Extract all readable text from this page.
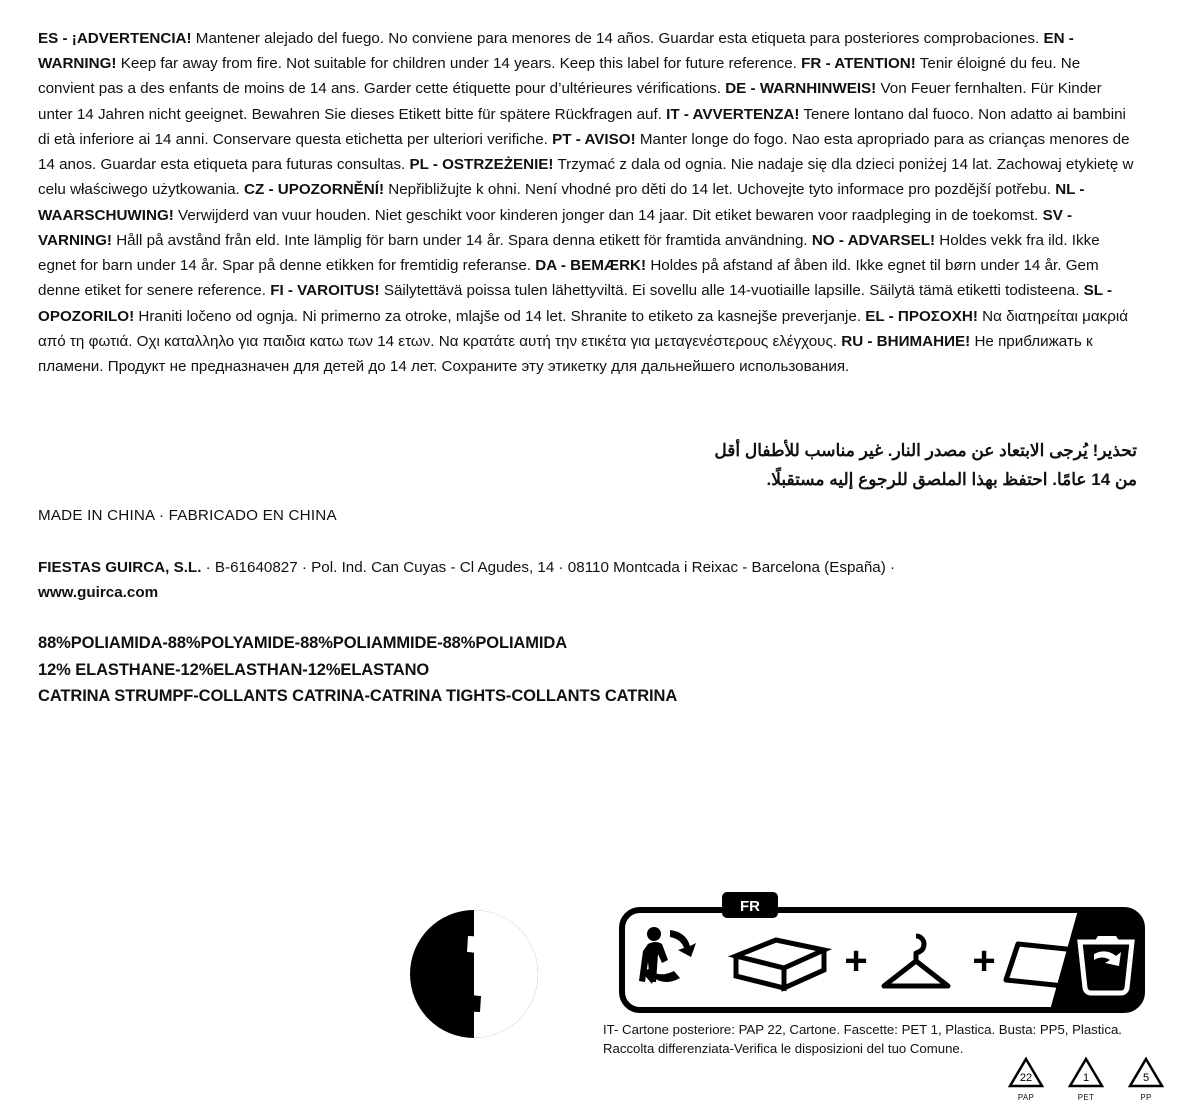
ES - ¡ADVERTENCIA! Mantener alejado del fuego. No conviene para menores de 14 años. Guardar esta etiqueta para posteriores comprobaciones. EN - WARNING! Keep far away from fire. Not suitable for children under 14 years. Keep this label for future reference. FR - ATENTION! Tenir éloigné du feu. Ne convient pas a des enfants de moins de 14 ans. Garder cette étiquette pour d’ultérieures vérifications. DE - WARNHINWEIS! Von Feuer fernhalten. Für Kinder unter 14 Jahren nicht geeignet. Bewahren Sie dieses Etikett bitte für spätere Rückfragen auf. IT - AVVERTENZA! Tenere lontano dal fuoco. Non adatto ai bambini di età inferiore ai 14 anni. Conservare questa etichetta per ulteriori verifiche. PT - AVISO! Manter longe do fogo. Nao esta apropriado para as crianças menores de 14 anos. Guardar esta etiqueta para futuras consultas. PL - OSTRZEŻENIE! Trzymać z dala od ognia. Nie nadaje się dla dzieci poniżej 14 lat. Zachowaj etykietę w celu właściwego użytkowania. CZ - UPOZORNĚNÍ! Nepřibližujte k ohni. Není vhodné pro děti do 14 let. Uchovejte tyto informace pro pozdější potřebu. NL - WAARSCHUWING! Verwijderd van vuur houden. Niet geschikt voor kinderen jonger dan 14 jaar. Dit etiket bewaren voor raadpleging in de toekomst. SV - VARNING! Håll på avstånd från eld. Inte lämplig för barn under 14 år. Spara denna etikett för framtida användning. NO - ADVARSEL! Holdes vekk fra ild. Ikke egnet for barn under 14 år. Spar på denne etikken for fremtidig referanse. DA - BEMÆRK! Holdes på afstand af åben ild. Ikke egnet til børn under 14 år. Gem denne etiket for senere reference. FI - VAROITUS! Säilytettävä poissa tulen lähettyviltä. Ei sovellu alle 14-vuotiaille lapsille. Säilytä tämä etiketti todisteena. SL - OPOZORILO! Hraniti ločeno od ognja. Ni primerno za otroke, mlajše od 14 let. Shranite to etiketo za kasnejše preverjanje. EL - ΠΡΟΣΟΧΗ! Να διατηρείται μακριά από τη φωτιά. Οχι καταλληλο για παιδια κατω των 14 ετων. Να κρατάτε αυτή την ετικέτα για μεταγενέστερους ελέγχους. RU - ВНИМАНИЕ! Не приближать к пламени. Продукт не предназначен для детей до 14 лет. Сохраните эту этикетку для дальнейшего использования.
تحذير! يُرجى الابتعاد عن مصدر النار. غير مناسب للأطفال أقل
من 14 عامًا. احتفظ بهذا الملصق للرجوع إليه مستقبلًا.
MADE IN CHINA · FABRICADO EN CHINA
FIESTAS GUIRCA, S.L. · B-61640827 · Pol. Ind. Can Cuyas - Cl Agudes, 14 · 08110 Montcada i Reixac - Barcelona (España) ·
www.guirca.com
88%POLIAMIDA-88%POLYAMIDE-88%POLIAMMIDE-88%POLIAMIDA
12% ELASTHANE-12%ELASTHAN-12%ELASTANO
CATRINA STRUMPF-COLLANTS CATRINA-CATRINA TIGHTS-COLLANTS CATRINA
FR
+	+
IT- Cartone posteriore: PAP 22, Cartone. Fascette: PET 1, Plastica. Busta: PP5, Plastica.
Raccolta differenziata-Verifica le disposizioni del tuo Comune.
22
PAP
1
PET
5
PP
